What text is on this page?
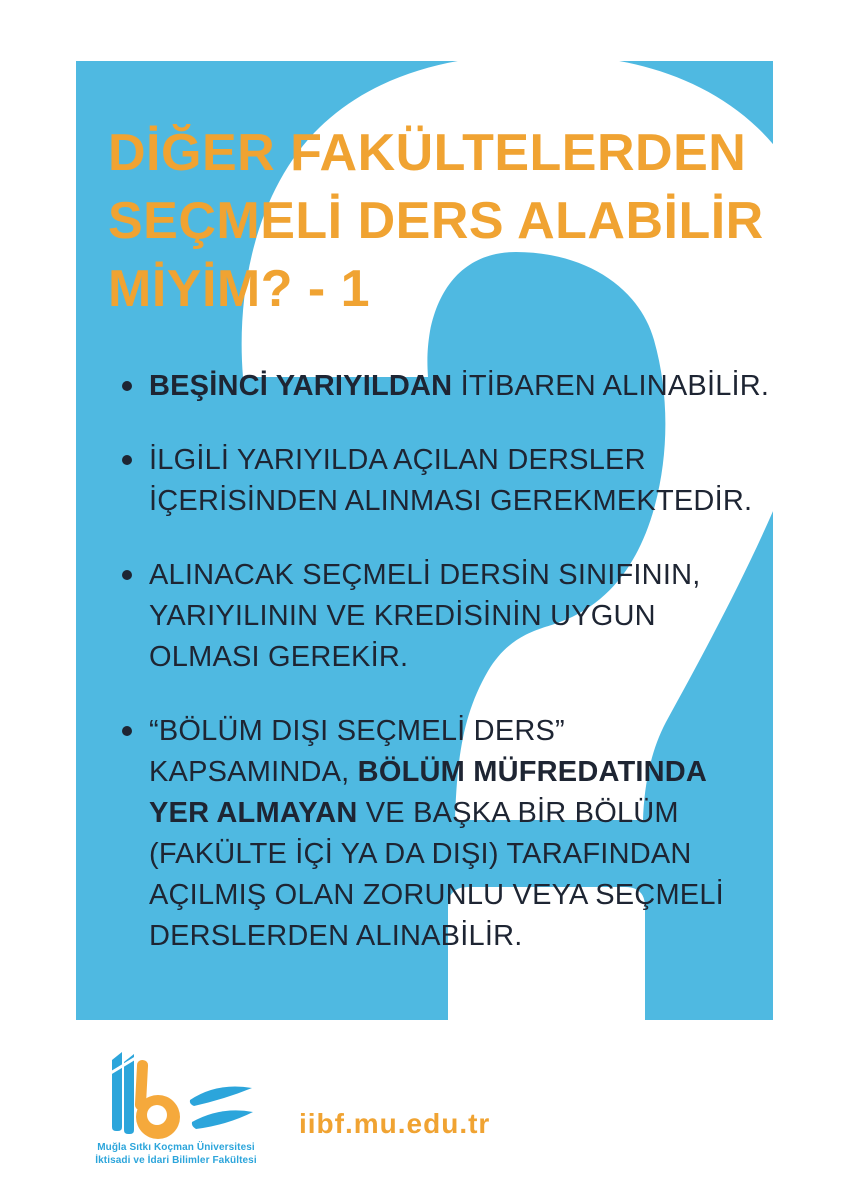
DİĞER FAKÜLTELERDEN
SEÇMELİ DERS ALABİLİR
MİYİM? - 1
BEŞİNCİ YARIYILDAN İTİBAREN ALINABİLİR.
İLGİLİ YARIYILDA AÇILAN DERSLER İÇERİSİNDEN ALINMASI GEREKMEKTEDİR.
ALINACAK SEÇMELİ DERSİN SINIFININ, YARIYILININ VE KREDİSİNİN UYGUN OLMASI GEREKİR.
“BÖLÜM DIŞI SEÇMELİ DERS” KAPSAMINDA, BÖLÜM MÜFREDATINDA YER ALMAYAN VE BAŞKA BİR BÖLÜM (FAKÜLTE İÇİ YA DA DIŞI) TARAFINDAN AÇILMIŞ OLAN ZORUNLU VEYA SEÇMELİ DERSLERDEN ALINABİLİR.
Muğla Sıtkı Koçman Üniversitesi
İktisadi ve İdari Bilimler Fakültesi
iibf.mu.edu.tr
